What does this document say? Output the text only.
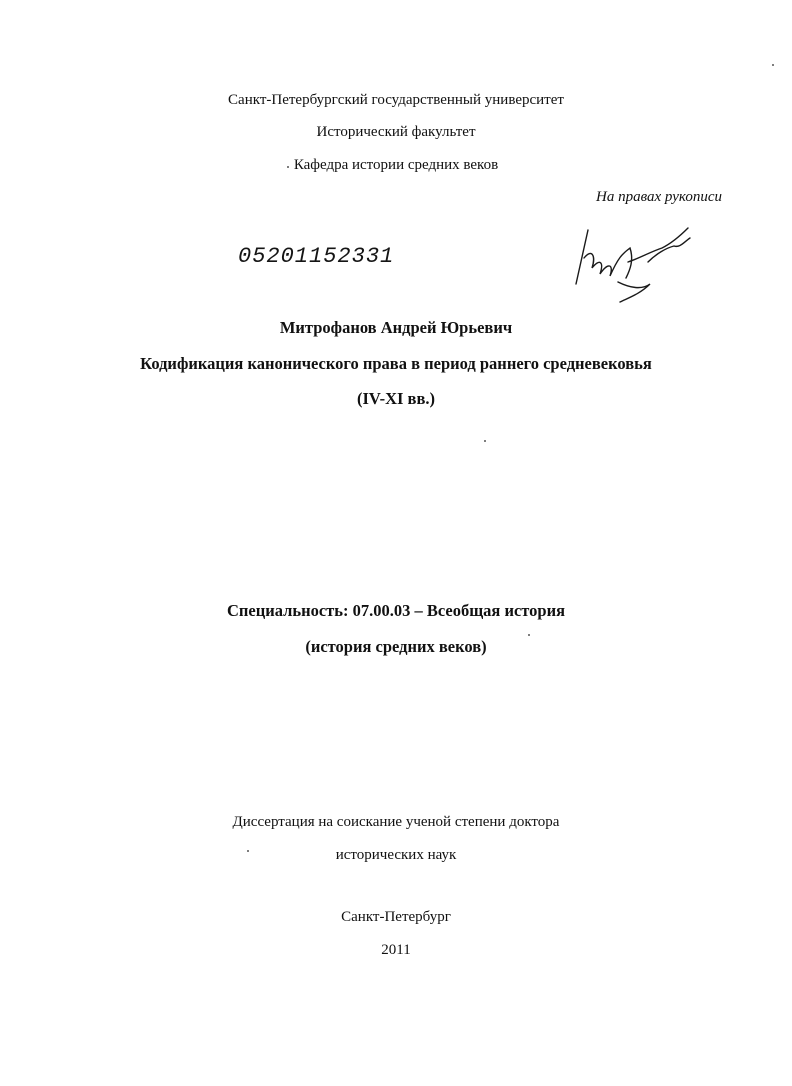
Санкт-Петербургский государственный университет
Исторический факультет
Кафедра истории средних веков
На правах рукописи
05201152331
Митрофанов Андрей Юрьевич
Кодификация канонического права в период раннего средневековья
(IV-XI вв.)
Специальность: 07.00.03 – Всеобщая история
(история средних веков)
Диссертация на соискание ученой степени доктора
исторических наук
Санкт-Петербург
2011
